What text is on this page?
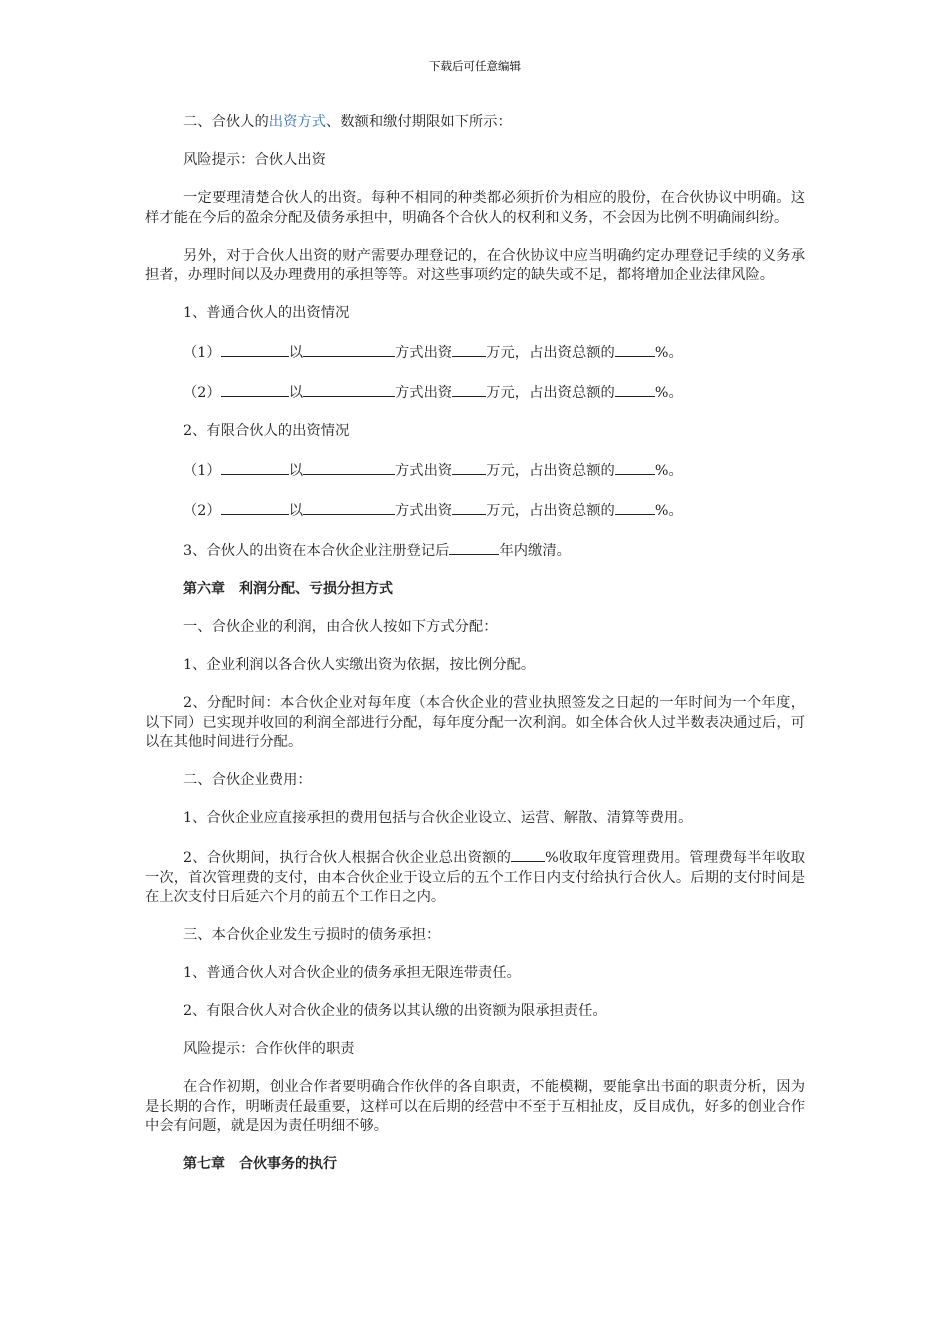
下载后可任意编辑

二、合伙人的出资方式、数额和缴付期限如下所示：

风险提示：合伙人出资

一定要理清楚合伙人的出资。每种不相同的种类都必须折价为相应的股份，在合伙协议中明确。这样才能在今后的盈余分配及债务承担中，明确各个合伙人的权利和义务，不会因为比例不明确闹纠纷。

另外，对于合伙人出资的财产需要办理登记的，在合伙协议中应当明确约定办理登记手续的义务承担者，办理时间以及办理费用的承担等等。对这些事项约定的缺失或不足，都将增加企业法律风险。

1、普通合伙人的出资情况

（1）	以	方式出资 万元，占出资总额的	%。

（2）	以	方式出资 万元，占出资总额的	%。

2、有限合伙人的出资情况

（1）	以	方式出资 万元，占出资总额的	%。

（2）	以	方式出资 万元，占出资总额的	%。

3、合伙人的出资在本合伙企业注册登记后	年内缴清。

第六章　利润分配、亏损分担方式

一、合伙企业的利润，由合伙人按如下方式分配：

1、企业利润以各合伙人实缴出资为依据，按比例分配。

2、分配时间：本合伙企业对每年度（本合伙企业的营业执照签发之日起的一年时间为一个年度，以下同）已实现并收回的利润全部进行分配，每年度分配一次利润。如全体合伙人过半数表决通过后，可以在其他时间进行分配。

二、合伙企业费用：

1、合伙企业应直接承担的费用包括与合伙企业设立、运营、解散、清算等费用。

2、合伙期间，执行合伙人根据合伙企业总出资额的 %收取年度管理费用。管理费每半年收取一次，首次管理费的支付，由本合伙企业于设立后的五个工作日内支付给执行合伙人。后期的支付时间是在上次支付日后延六个月的前五个工作日之内。

三、本合伙企业发生亏损时的债务承担：

1、普通合伙人对合伙企业的债务承担无限连带责任。

2、有限合伙人对合伙企业的债务以其认缴的出资额为限承担责任。

风险提示：合作伙伴的职责

在合作初期，创业合作者要明确合作伙伴的各自职责，不能模糊，要能拿出书面的职责分析，因为是长期的合作，明晰责任最重要，这样可以在后期的经营中不至于互相扯皮，反目成仇，好多的创业合作中会有问题，就是因为责任明细不够。

第七章　合伙事务的执行
